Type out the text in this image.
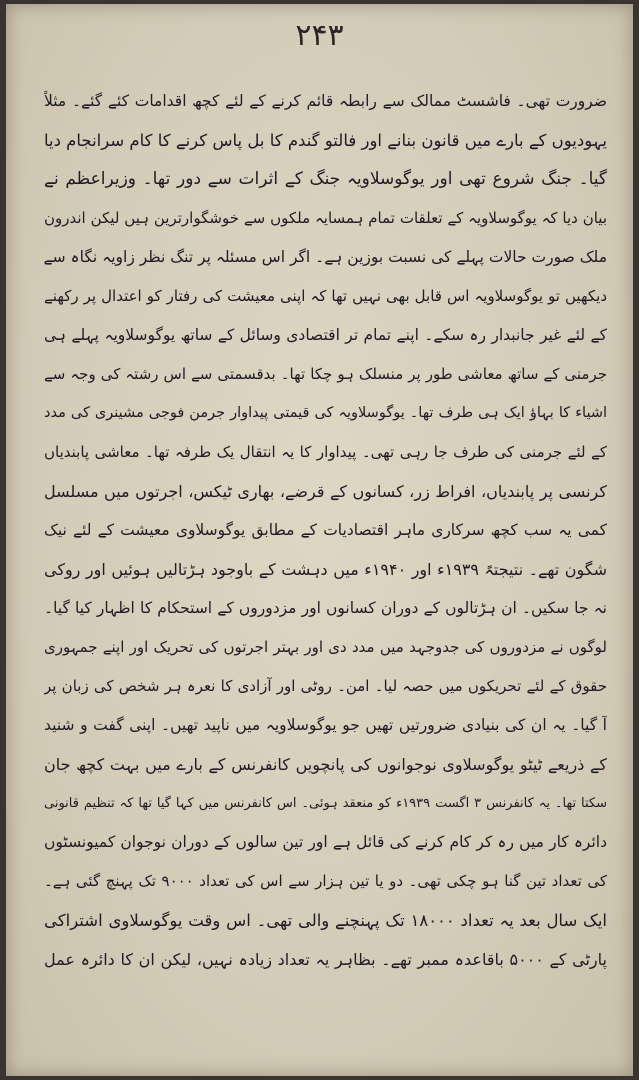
۲۴۳
ضرورت تھی۔ فاشسٹ ممالک سے رابطہ قائم کرنے کے لئے کچھ اقدامات کئے گئے۔ مثلاً
یہودیوں کے بارے میں قانون بنانے اور فالتو گندم کا بل پاس کرنے کا کام سرانجام دیا
گیا۔ جنگ شروع تھی اور یوگوسلاویہ جنگ کے اثرات سے دور تھا۔ وزیراعظم نے
بیان دیا کہ یوگوسلاویہ کے تعلقات تمام ہمسایہ ملکوں سے خوشگوارترین ہیں لیکن اندرون
ملک صورت حالات پہلے کی نسبت بوزین ہے۔ اگر اس مسئلہ پر تنگ نظر زاویہ نگاہ سے
دیکھیں تو یوگوسلاویہ اس قابل بھی نہیں تھا کہ اپنی معیشت کی رفتار کو اعتدال پر رکھنے
کے لئے غیر جانبدار رہ سکے۔ اپنے تمام تر اقتصادی وسائل کے ساتھ یوگوسلاویہ پہلے ہی
جرمنی کے ساتھ معاشی طور پر منسلک ہو چکا تھا۔ بدقسمتی سے اس رشتہ کی وجہ سے
اشیاء کا بہاؤ ایک ہی طرف تھا۔ یوگوسلاویہ کی قیمتی پیداوار جرمن فوجی مشینری کی مدد
کے لئے جرمنی کی طرف جا رہی تھی۔ پیداوار کا یہ انتقال یک طرفہ تھا۔ معاشی پابندیاں
کرنسی پر پابندیاں، افراط زر، کسانوں کے قرضے، بھاری ٹیکس، اجرتوں میں مسلسل
کمی یہ سب کچھ سرکاری ماہر اقتصادیات کے مطابق یوگوسلاوی معیشت کے لئے نیک
شگون تھے۔ نتیجتہً ۱۹۳۹ء اور ۱۹۴۰ء میں دہشت کے باوجود ہڑتالیں ہوئیں اور روکی
نہ جا سکیں۔ ان ہڑتالوں کے دوران کسانوں اور مزدوروں کے استحکام کا اظہار کیا گیا۔
لوگوں نے مزدوروں کی جدوجہد میں مدد دی اور بہتر اجرتوں کی تحریک اور اپنے جمہوری
حقوق کے لئے تحریکوں میں حصہ لیا۔ امن۔ روٹی اور آزادی کا نعرہ ہر شخص کی زبان پر
آ گیا۔ یہ ان کی بنیادی ضرورتیں تھیں جو یوگوسلاویہ میں ناپید تھیں۔ اپنی گفت و شنید
کے ذریعے ٹیٹو یوگوسلاوی نوجوانوں کی پانچویں کانفرنس کے بارے میں بہت کچھ جان
سکتا تھا۔ یہ کانفرنس ۳ اگست ۱۹۳۹ء کو منعقد ہوئی۔ اس کانفرنس میں کہا گیا تھا کہ تنظیم قانونی
دائرہ کار میں رہ کر کام کرنے کی قائل ہے اور تین سالوں کے دوران نوجوان کمیونسٹوں
کی تعداد تین گنا ہو چکی تھی۔ دو یا تین ہزار سے اس کی تعداد ۹۰۰۰ تک پہنچ گئی ہے۔
ایک سال بعد یہ تعداد ۱۸۰۰۰ تک پہنچنے والی تھی۔ اس وقت یوگوسلاوی اشتراکی
پارٹی کے ۵۰۰۰ باقاعدہ ممبر تھے۔ بظاہر یہ تعداد زیادہ نہیں، لیکن ان کا دائرہ عمل
